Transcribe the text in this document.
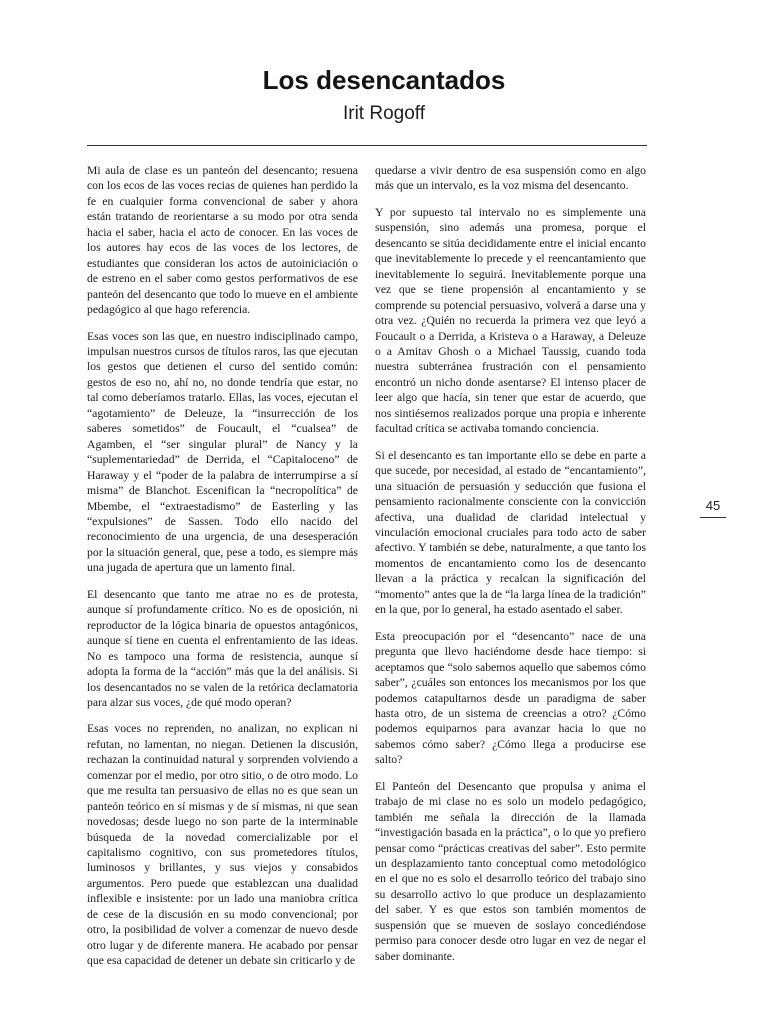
Los desencantados
Irit Rogoff

Mi aula de clase es un panteón del desencanto; resuena con los ecos de las voces recias de quienes han perdido la fe en cualquier forma convencional de saber y ahora están tratando de reorientarse a su modo por otra senda hacia el saber, hacia el acto de conocer. En las voces de los autores hay ecos de las voces de los lectores, de estudiantes que consideran los actos de autoiniciación o de estreno en el saber como gestos performativos de ese panteón del desencanto que todo lo mueve en el ambiente pedagógico al que hago referencia.

Esas voces son las que, en nuestro indisciplinado campo, impulsan nuestros cursos de títulos raros, las que ejecutan los gestos que detienen el curso del sentido común: gestos de eso no, ahí no, no donde tendría que estar, no tal como deberíamos tratarlo. Ellas, las voces, ejecutan el “agotamiento” de Deleuze, la “insurrección de los saberes sometidos” de Foucault, el “cualsea” de Agamben, el “ser singular plural” de Nancy y la “suplementariedad” de Derrida, el “Capitaloceno” de Haraway y el “poder de la palabra de interrumpirse a sí misma” de Blanchot. Escenifican la “necropolítica” de Mbembe, el “extraestadismo” de Easterling y las “expulsiones” de Sassen. Todo ello nacido del reconocimiento de una urgencia, de una desesperación por la situación general, que, pese a todo, es siempre más una jugada de apertura que un lamento final.

El desencanto que tanto me atrae no es de protesta, aunque sí profundamente crítico. No es de oposición, ni reproductor de la lógica binaria de opuestos antagónicos, aunque sí tiene en cuenta el enfrentamiento de las ideas. No es tampoco una forma de resistencia, aunque sí adopta la forma de la “acción” más que la del análisis. Si los desencantados no se valen de la retórica declamatoria para alzar sus voces, ¿de qué modo operan?

Esas voces no reprenden, no analizan, no explican ni refutan, no lamentan, no niegan. Detienen la discusión, rechazan la continuidad natural y sorprenden volviendo a comenzar por el medio, por otro sitio, o de otro modo. Lo que me resulta tan persuasivo de ellas no es que sean un panteón teórico en sí mismas y de sí mismas, ni que sean novedosas; desde luego no son parte de la interminable búsqueda de la novedad comercializable por el capitalismo cognitivo, con sus prometedores títulos, luminosos y brillantes, y sus viejos y consabidos argumentos. Pero puede que establezcan una dualidad inflexible e insistente: por un lado una maniobra crítica de cese de la discusión en su modo convencional; por otro, la posibilidad de volver a comenzar de nuevo desde otro lugar y de diferente manera. He acabado por pensar que esa capacidad de detener un debate sin criticarlo y de

quedarse a vivir dentro de esa suspensión como en algo más que un intervalo, es la voz misma del desencanto.

Y por supuesto tal intervalo no es simplemente una suspensión, sino además una promesa, porque el desencanto se sitúa decididamente entre el inicial encanto que inevitablemente lo precede y el reencantamiento que inevitablemente lo seguirá. Inevitablemente porque una vez que se tiene propensión al encantamiento y se comprende su potencial persuasivo, volverá a darse una y otra vez. ¿Quién no recuerda la primera vez que leyó a Foucault o a Derrida, a Kristeva o a Haraway, a Deleuze o a Amitav Ghosh o a Michael Taussig, cuando toda nuestra subterránea frustración con el pensamiento encontró un nicho donde asentarse? El intenso placer de leer algo que hacía, sin tener que estar de acuerdo, que nos sintiésemos realizados porque una propia e inherente facultad crítica se activaba tomando conciencia.

Si el desencanto es tan importante ello se debe en parte a que sucede, por necesidad, al estado de “encantamiento”, una situación de persuasión y seducción que fusiona el pensamiento racionalmente consciente con la convicción afectiva, una dualidad de claridad intelectual y vinculación emocional cruciales para todo acto de saber afectivo. Y también se debe, naturalmente, a que tanto los momentos de encantamiento como los de desencanto llevan a la práctica y recalcan la significación del “momento” antes que la de “la larga línea de la tradición” en la que, por lo general, ha estado asentado el saber.

Esta preocupación por el “desencanto” nace de una pregunta que llevo haciéndome desde hace tiempo: si aceptamos que “solo sabemos aquello que sabemos cómo saber”, ¿cuáles son entonces los mecanismos por los que podemos catapultarnos desde un paradigma de saber hasta otro, de un sistema de creencias a otro? ¿Cómo podemos equiparnos para avanzar hacia lo que no sabemos cómo saber? ¿Cómo llega a producirse ese salto?

El Panteón del Desencanto que propulsa y anima el trabajo de mi clase no es solo un modelo pedagógico, también me señala la dirección de la llamada “investigación basada en la práctica”, o lo que yo prefiero pensar como “prácticas creativas del saber”. Esto permite un desplazamiento tanto conceptual como metodológico en el que no es solo el desarrollo teórico del trabajo sino su desarrollo activo lo que produce un desplazamiento del saber. Y es que estos son también momentos de suspensión que se mueven de soslayo concediéndose permiso para conocer desde otro lugar en vez de negar el saber dominante.

45
